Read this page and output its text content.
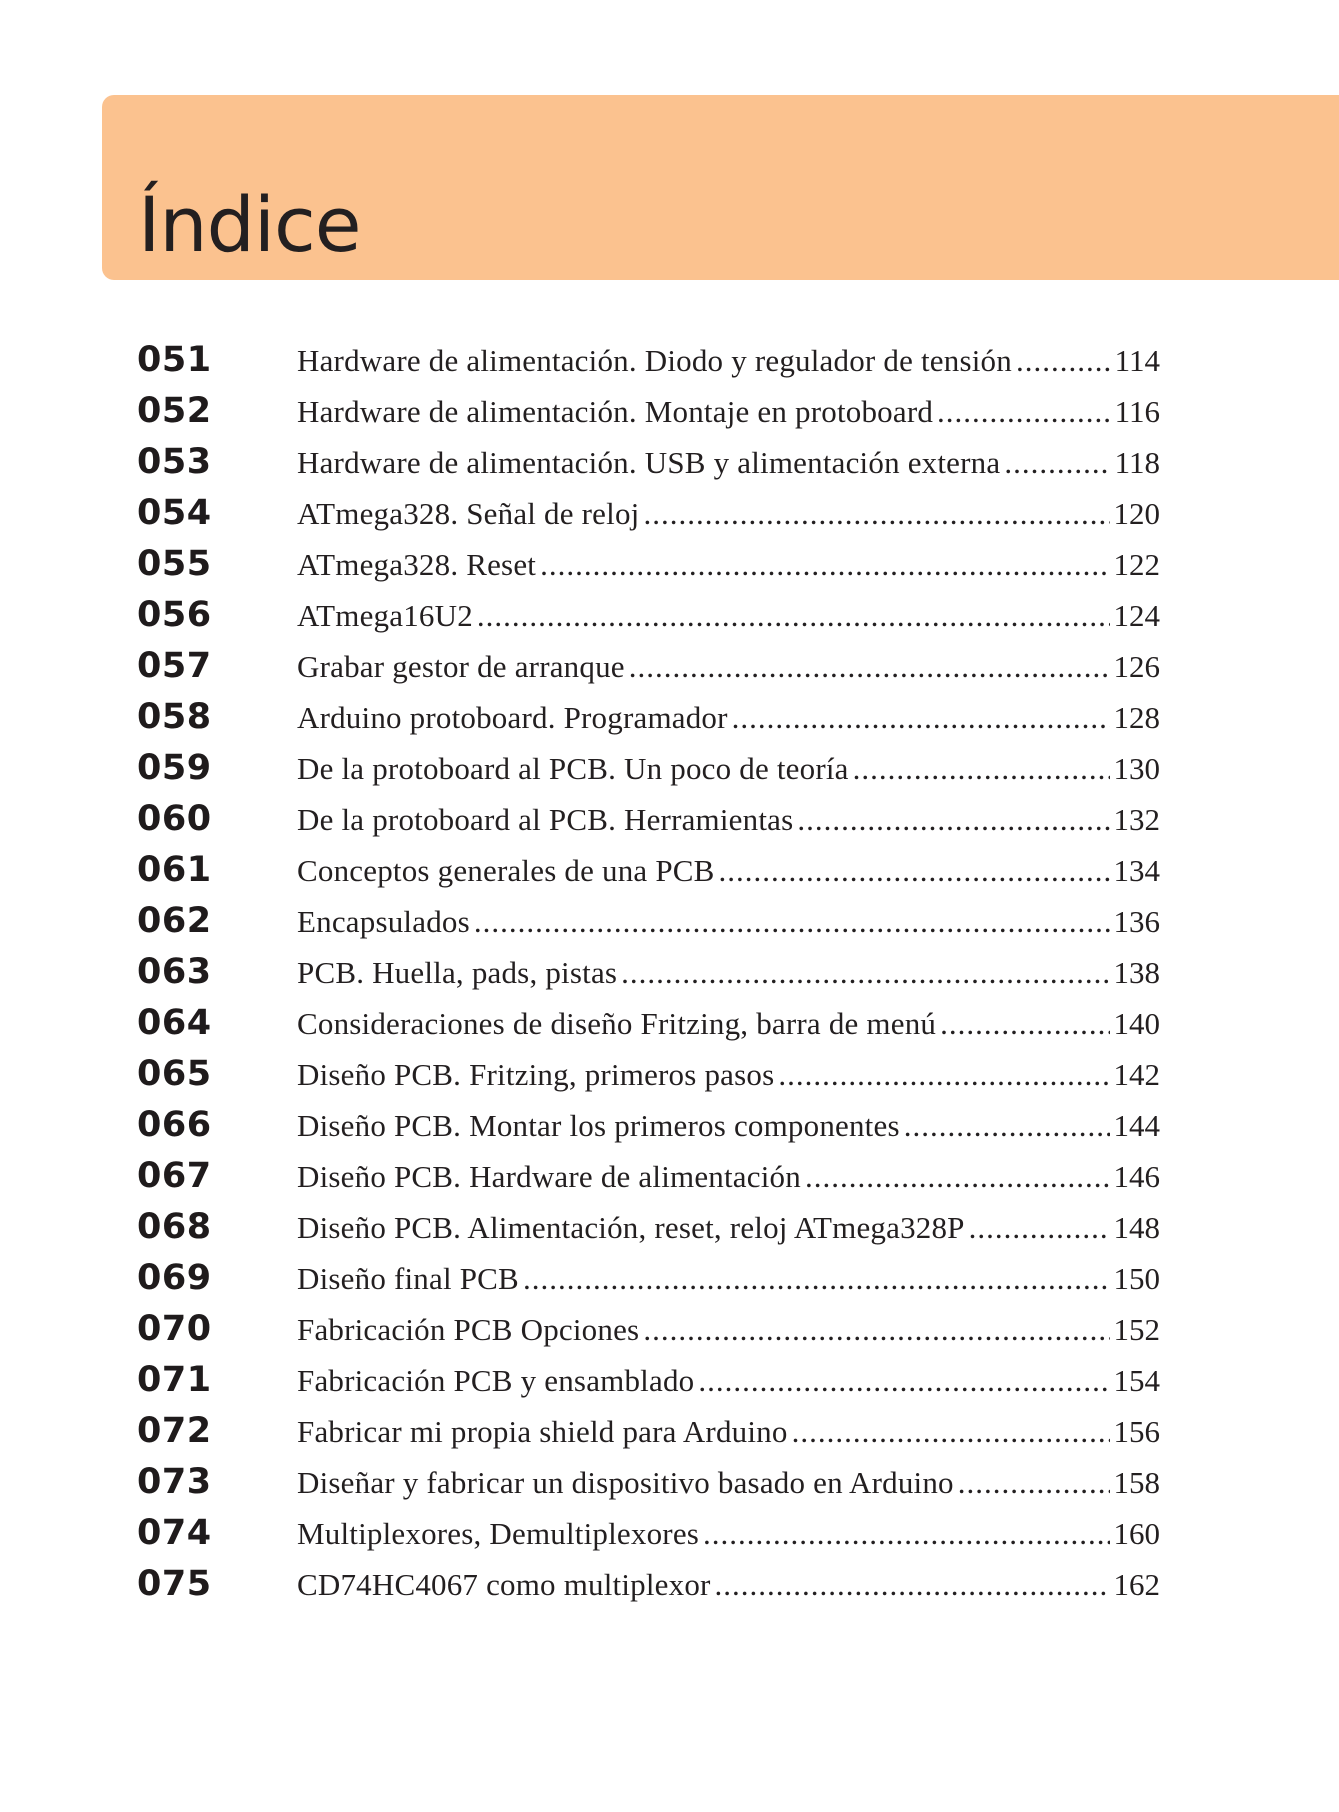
Índice
051	Hardware de alimentación. Diodo y regulador de tensión .....	114
052	Hardware de alimentación. Montaje en protoboard .....	116
053	Hardware de alimentación. USB y alimentación externa .....	118
054	ATmega328. Señal de reloj .....	120
055	ATmega328. Reset .....	122
056	ATmega16U2 .....	124
057	Grabar gestor de arranque .....	126
058	Arduino protoboard. Programador .....	128
059	De la protoboard al PCB. Un poco de teoría .....	130
060	De la protoboard al PCB. Herramientas .....	132
061	Conceptos generales de una PCB .....	134
062	Encapsulados .....	136
063	PCB. Huella, pads, pistas .....	138
064	Consideraciones de diseño Fritzing, barra de menú .....	140
065	Diseño PCB. Fritzing, primeros pasos .....	142
066	Diseño PCB. Montar los primeros componentes .....	144
067	Diseño PCB. Hardware de alimentación .....	146
068	Diseño PCB. Alimentación, reset, reloj ATmega328P .....	148
069	Diseño final PCB .....	150
070	Fabricación PCB Opciones .....	152
071	Fabricación PCB y ensamblado .....	154
072	Fabricar mi propia shield para Arduino .....	156
073	Diseñar y fabricar un dispositivo basado en Arduino .....	158
074	Multiplexores, Demultiplexores .....	160
075	CD74HC4067 como multiplexor .....	162
